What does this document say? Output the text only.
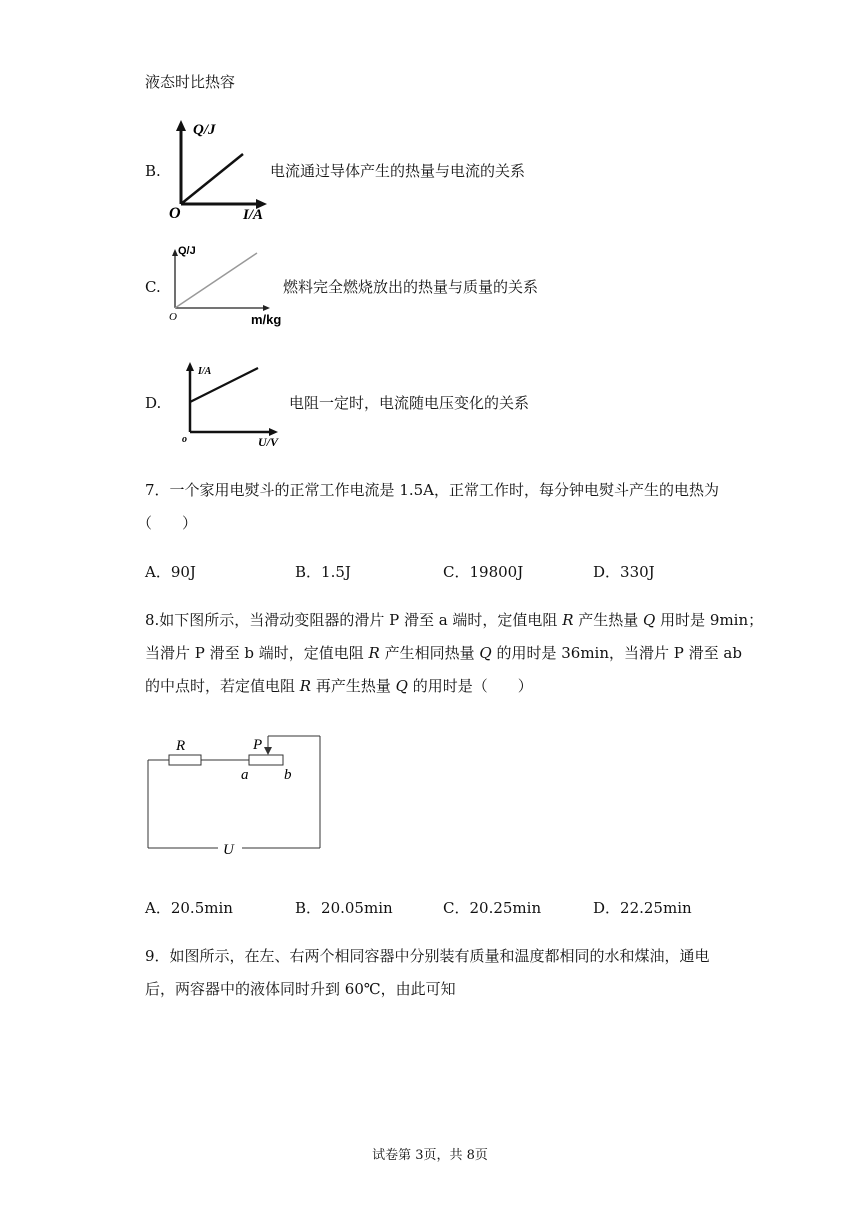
液态时比热容
B.
Q/J
O	I/A
电流通过导体产生的热量与电流的关系
C.
Q/J
O	m/kg
燃料完全燃烧放出的热量与质量的关系
D.
I/A
o	U/V
电阻一定时，电流随电压变化的关系
7．一个家用电熨斗的正常工作电流是 1.5A，正常工作时，每分钟电熨斗产生的电热为
（　　）
A．90J	B．1.5J	C．19800J	D．330J
8.如下图所示，当滑动变阻器的滑片 P 滑至 a 端时，定值电阻 R 产生热量 Q 用时是 9min；
当滑片 P 滑至 b 端时，定值电阻 R 产生相同热量 Q 的用时是 36min，当滑片 P 滑至 ab
的中点时，若定值电阻 R 再产生热量 Q 的用时是（　　）
R	P
a b
U
A．20.5min	B．20.05min	C．20.25min	D．22.25min
9．如图所示，在左、右两个相同容器中分别装有质量和温度都相同的水和煤油，通电
后，两容器中的液体同时升到 60℃，由此可知
试卷第 3页，共 8页
